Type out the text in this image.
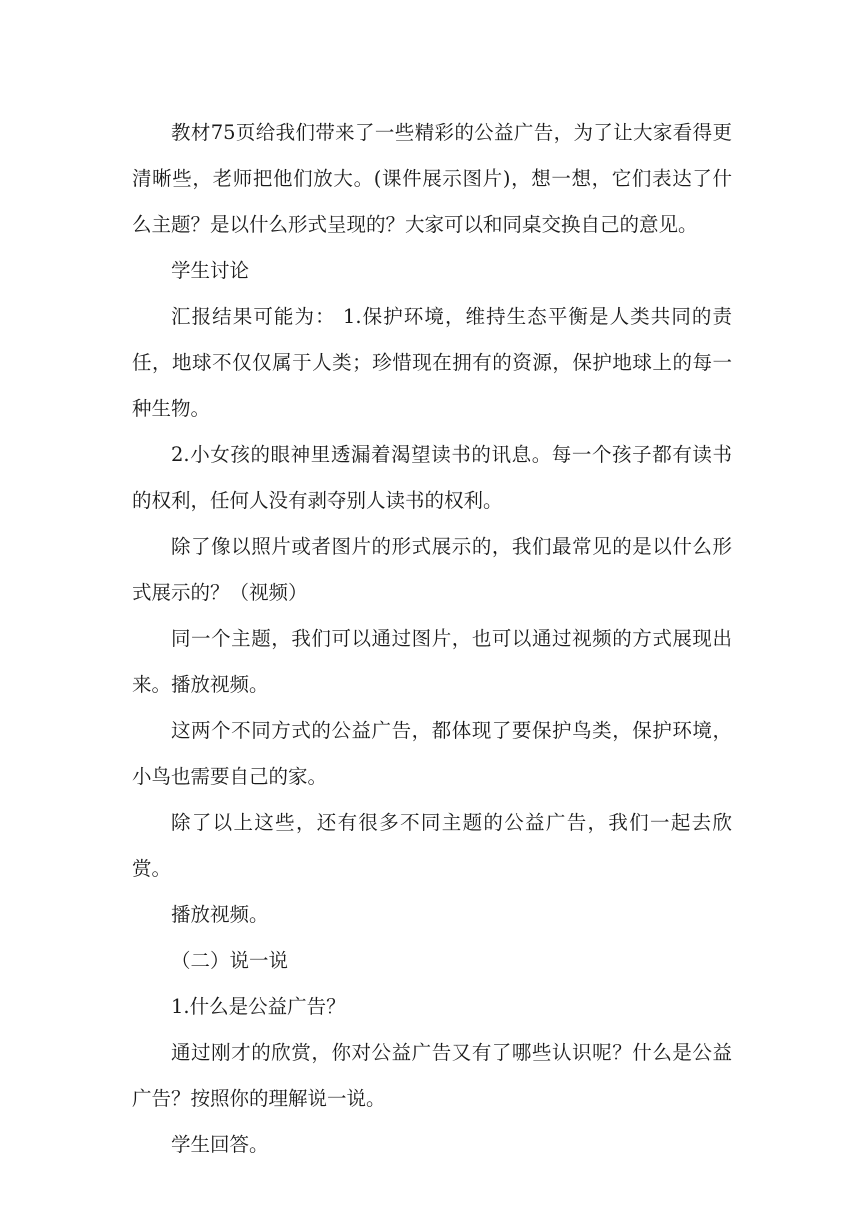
教材75页给我们带来了一些精彩的公益广告，为了让大家看得更清晰些，老师把他们放大。(课件展示图片)，想一想，它们表达了什么主题？是以什么形式呈现的？大家可以和同桌交换自己的意见。

学生讨论

汇报结果可能为： 1.保护环境，维持生态平衡是人类共同的责任，地球不仅仅属于人类；珍惜现在拥有的资源，保护地球上的每一种生物。

2.小女孩的眼神里透漏着渴望读书的讯息。每一个孩子都有读书的权利，任何人没有剥夺别人读书的权利。

除了像以照片或者图片的形式展示的，我们最常见的是以什么形式展示的？（视频）

同一个主题，我们可以通过图片，也可以通过视频的方式展现出来。播放视频。

这两个不同方式的公益广告，都体现了要保护鸟类，保护环境，小鸟也需要自己的家。

除了以上这些，还有很多不同主题的公益广告，我们一起去欣赏。

播放视频。

（二）说一说

1.什么是公益广告？

通过刚才的欣赏，你对公益广告又有了哪些认识呢？什么是公益广告？按照你的理解说一说。

学生回答。
